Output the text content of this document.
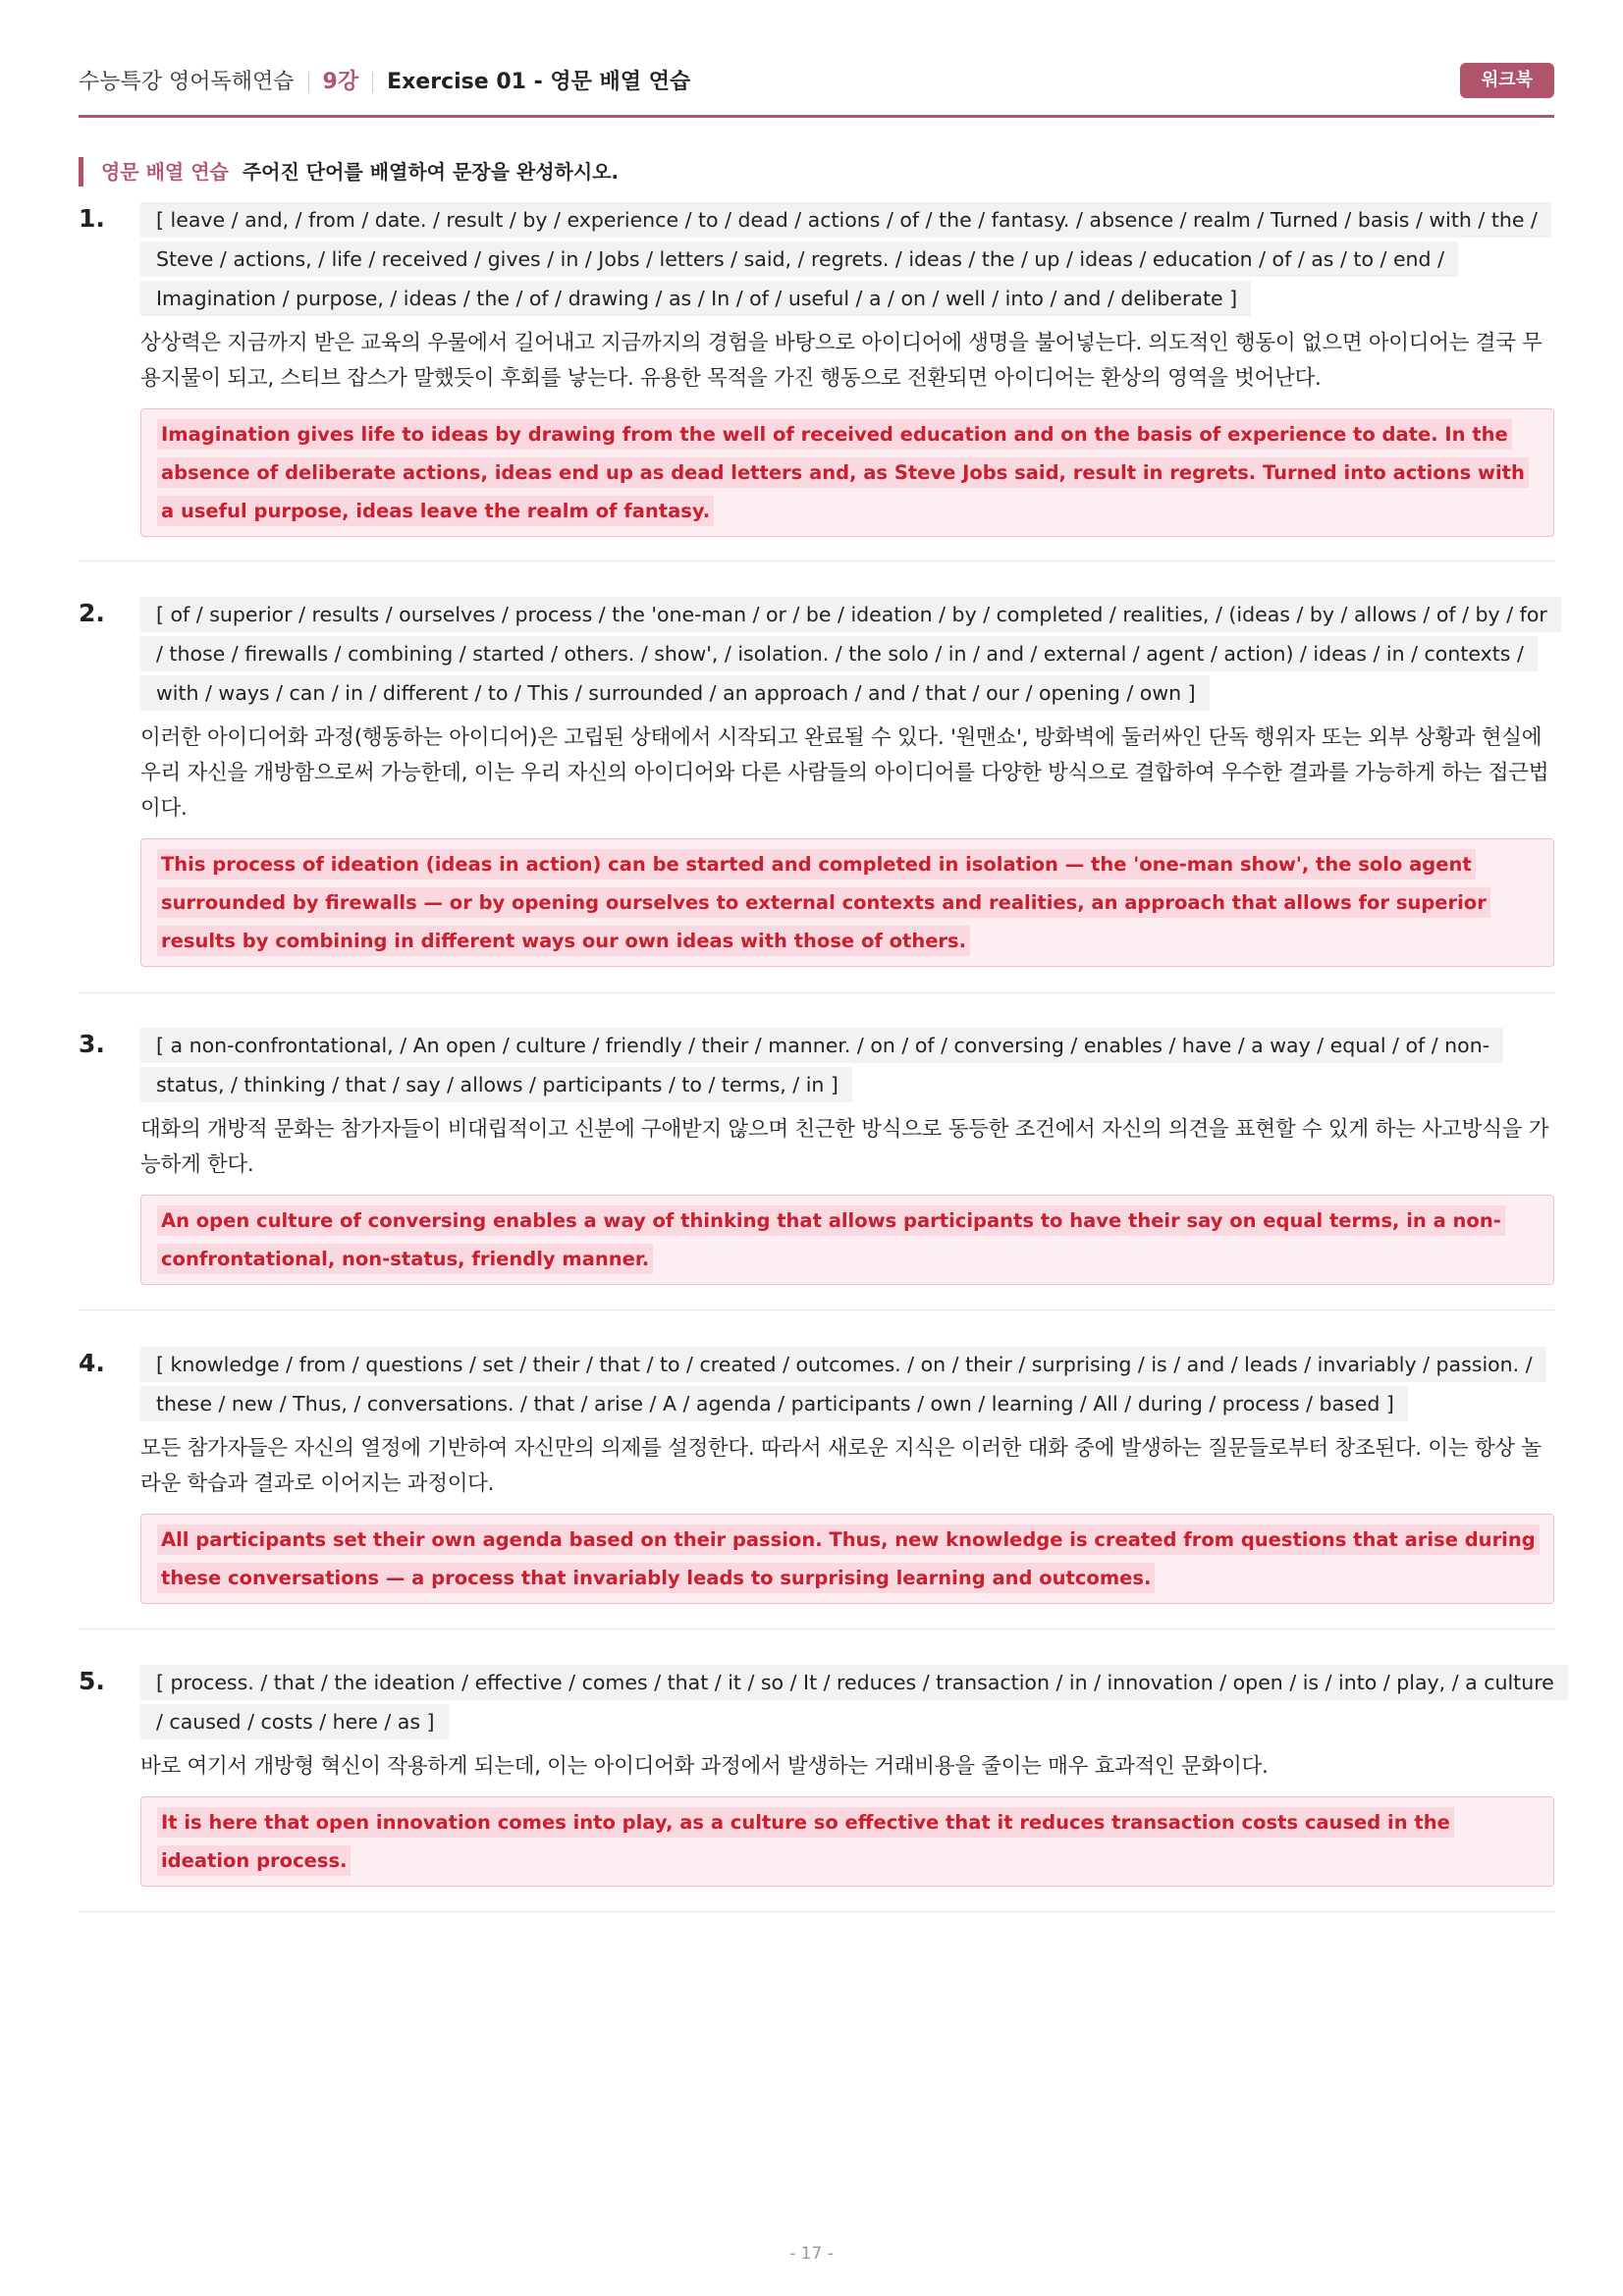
수능특강 영어독해연습 9강 Exercise 01 - 영문 배열 연습	워크북
영문 배열 연습 주어진 단어를 배열하여 문장을 완성하시오.
1.	[ leave / and, / from / date. / result / by / experience / to / dead / actions / of / the / fantasy. / absence / realm / Turned / basis / with / the / Steve / actions, / life / received / gives / in / Jobs / letters / said, / regrets. / ideas / the / up / ideas / education / of / as / to / end / Imagination / purpose, / ideas / the / of / drawing / as / In / of / useful / a / on / well / into / and / deliberate ]
상상력은 지금까지 받은 교육의 우물에서 길어내고 지금까지의 경험을 바탕으로 아이디어에 생명을 불어넣는다. 의도적인 행동이 없으면 아이디어는 결국 무용지물이 되고, 스티브 잡스가 말했듯이 후회를 낳는다. 유용한 목적을 가진 행동으로 전환되면 아이디어는 환상의 영역을 벗어난다.
Imagination gives life to ideas by drawing from the well of received education and on the basis of experience to date. In the absence of deliberate actions, ideas end up as dead letters and, as Steve Jobs said, result in regrets. Turned into actions with a useful purpose, ideas leave the realm of fantasy.
2.	[ of / superior / results / ourselves / process / the 'one-man / or / be / ideation / by / completed / realities, / (ideas / by / allows / of / by / for / those / firewalls / combining / started / others. / show', / isolation. / the solo / in / and / external / agent / action) / ideas / in / contexts / with / ways / can / in / different / to / This / surrounded / an approach / and / that / our / opening / own ]
이러한 아이디어화 과정(행동하는 아이디어)은 고립된 상태에서 시작되고 완료될 수 있다. '원맨쇼', 방화벽에 둘러싸인 단독 행위자 또는 외부 상황과 현실에 우리 자신을 개방함으로써 가능한데, 이는 우리 자신의 아이디어와 다른 사람들의 아이디어를 다양한 방식으로 결합하여 우수한 결과를 가능하게 하는 접근법이다.
This process of ideation (ideas in action) can be started and completed in isolation — the 'one-man show', the solo agent surrounded by firewalls — or by opening ourselves to external contexts and realities, an approach that allows for superior results by combining in different ways our own ideas with those of others.
3.	[ a non-confrontational, / An open / culture / friendly / their / manner. / on / of / conversing / enables / have / a way / equal / of / non-status, / thinking / that / say / allows / participants / to / terms, / in ]
대화의 개방적 문화는 참가자들이 비대립적이고 신분에 구애받지 않으며 친근한 방식으로 동등한 조건에서 자신의 의견을 표현할 수 있게 하는 사고방식을 가능하게 한다.
An open culture of conversing enables a way of thinking that allows participants to have their say on equal terms, in a non-confrontational, non-status, friendly manner.
4.	[ knowledge / from / questions / set / their / that / to / created / outcomes. / on / their / surprising / is / and / leads / invariably / passion. / these / new / Thus, / conversations. / that / arise / A / agenda / participants / own / learning / All / during / process / based ]
모든 참가자들은 자신의 열정에 기반하여 자신만의 의제를 설정한다. 따라서 새로운 지식은 이러한 대화 중에 발생하는 질문들로부터 창조된다. 이는 항상 놀라운 학습과 결과로 이어지는 과정이다.
All participants set their own agenda based on their passion. Thus, new knowledge is created from questions that arise during these conversations — a process that invariably leads to surprising learning and outcomes.
5.	[ process. / that / the ideation / effective / comes / that / it / so / It / reduces / transaction / in / innovation / open / is / into / play, / a culture / caused / costs / here / as ]
바로 여기서 개방형 혁신이 작용하게 되는데, 이는 아이디어화 과정에서 발생하는 거래비용을 줄이는 매우 효과적인 문화이다.
It is here that open innovation comes into play, as a culture so effective that it reduces transaction costs caused in the ideation process.
- 17 -
